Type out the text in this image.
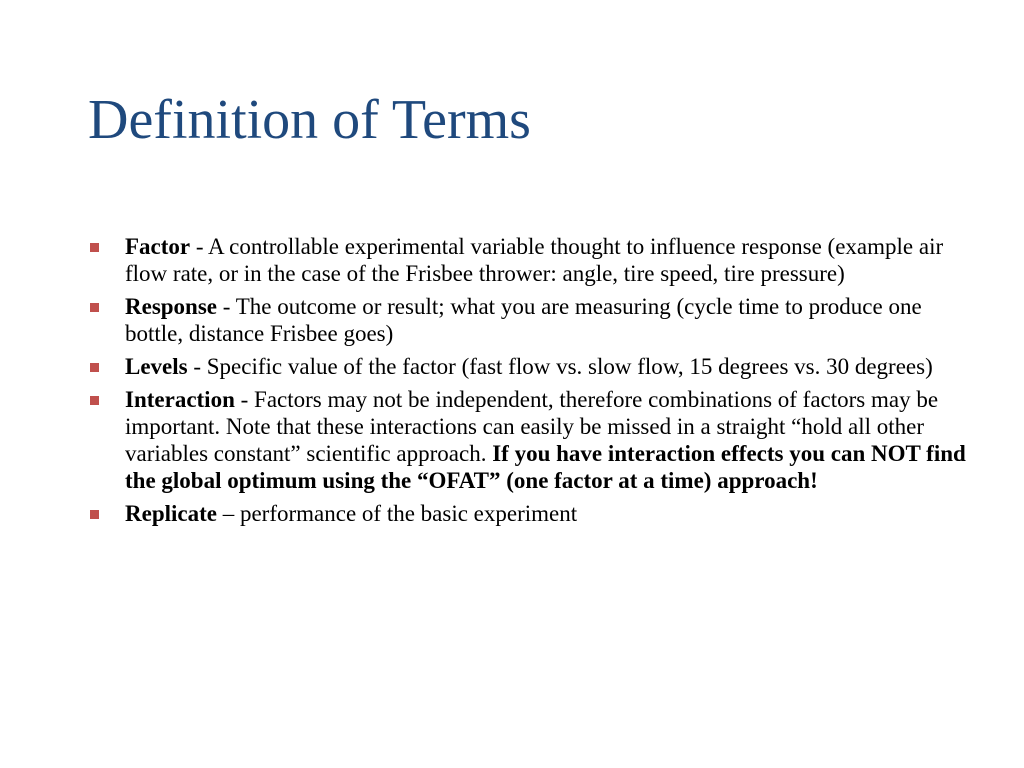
Definition of Terms
Factor - A controllable experimental variable thought to influence response (example air flow rate, or in the case of the Frisbee thrower: angle, tire speed, tire pressure)
Response - The outcome or result; what you are measuring (cycle time to produce one bottle, distance Frisbee goes)
Levels - Specific value of the factor (fast flow vs. slow flow, 15 degrees vs. 30 degrees)
Interaction - Factors may not be independent, therefore combinations of factors may be important. Note that these interactions can easily be missed in a straight “hold all other variables constant” scientific approach. If you have interaction effects you can NOT find the global optimum using the “OFAT” (one factor at a time) approach!
Replicate – performance of the basic experiment
